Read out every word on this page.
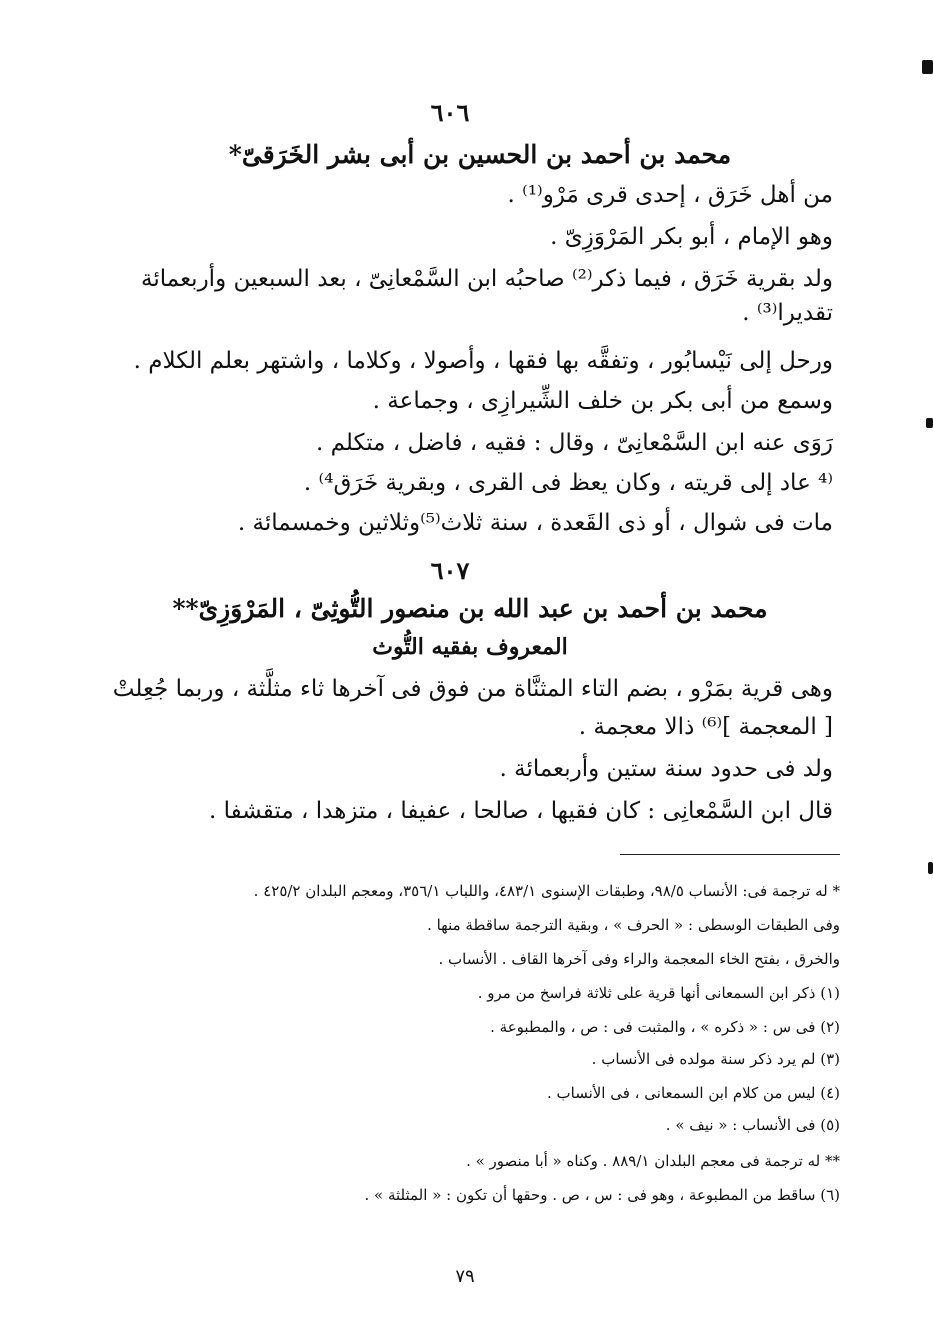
٦٠٦
محمد بن أحمد بن الحسين بن أبى بشر الخَرَقىّ*
من أهل خَرَق ، إحدى قرى مَرْو⁽¹⁾ .
وهو الإمام ، أبو بكر المَرْوَزِىّ .
ولد بقرية خَرَق ، فيما ذكر⁽²⁾ صاحبُه ابن السَّمْعانِىّ ، بعد السبعين وأربعمائة
تقديرا⁽³⁾ .
ورحل إلى نَيْسابُور ، وتفقَّه بها فقها ، وأصولا ، وكلاما ، واشتهر بعلم الكلام .
وسمع من أبى بكر بن خلف الشِّيرازِى ، وجماعة .
رَوَى عنه ابن السَّمْعانِىّ ، وقال : فقيه ، فاضل ، متكلم .
⁽⁴ عاد إلى قريته ، وكان يعظ فى القرى ، وبقرية خَرَق⁴⁾ .
مات فى شوال ، أو ذى القَعدة ، سنة ثلاث⁽⁵⁾وثلاثين وخمسمائة .
٦٠٧
محمد بن أحمد بن عبد الله بن منصور التُّوثِىّ ، المَرْوَزِىّ**
المعروف بفقيه التُّوث
وهى قرية بمَرْو ، بضم التاء المثنَّاة من فوق فى آخرها ثاء مثلَّثة ، وربما جُعِلتْ
[ المعجمة ]⁽⁶⁾ ذالا معجمة .
ولد فى حدود سنة ستين وأربعمائة .
قال ابن السَّمْعانِى : كان فقيها ، صالحا ، عفيفا ، متزهدا ، متقشفا .
* له ترجمة فى: الأنساب ٩٨/٥، وطبقات الإسنوى ٤٨٣/١، واللباب ٣٥٦/١، ومعجم البلدان ٤٢٥/٢ .
وفى الطبقات الوسطى : « الحرف » ، وبقية الترجمة ساقطة منها .
والخرق ، بفتح الخاء المعجمة والراء وفى آخرها القاف . الأنساب .
(١) ذكر ابن السمعانى أنها قرية على ثلاثة فراسخ من مرو .
(٢) فى س : « ذكره » ، والمثبت فى : ص ، والمطبوعة .
(٣) لم يرد ذكر سنة مولده فى الأنساب .
(٤) ليس من كلام ابن السمعانى ، فى الأنساب .
(٥) فى الأنساب : « نيف » .
** له ترجمة فى معجم البلدان ٨٨٩/١ . وكناه « أبا منصور » .
(٦) ساقط من المطبوعة ، وهو فى : س ، ص . وحقها أن تكون : « المثلثة » .
٧٩
